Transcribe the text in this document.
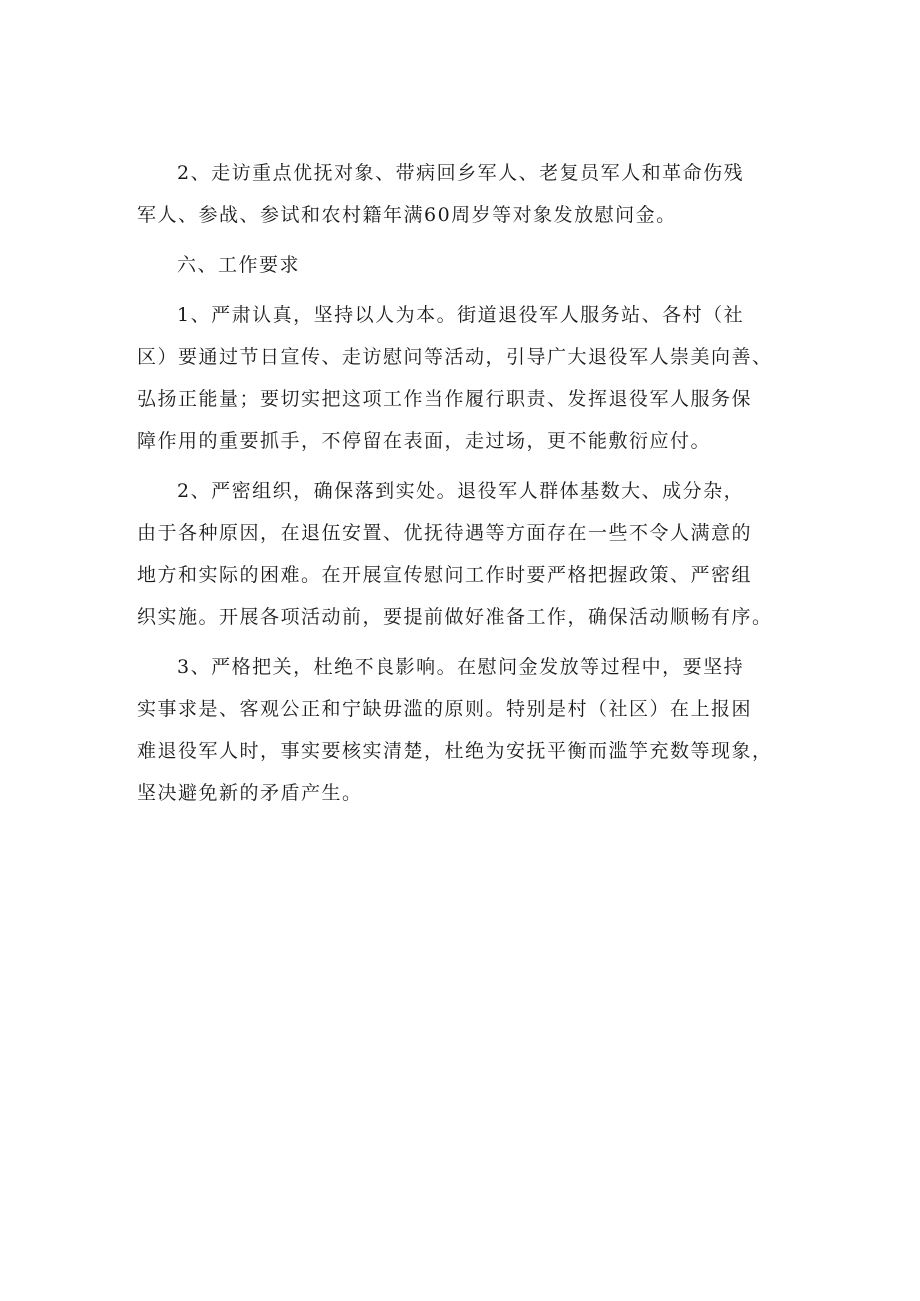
2、走访重点优抚对象、带病回乡军人、老复员军人和革命伤残
军人、参战、参试和农村籍年满60周岁等对象发放慰问金。
六、工作要求
1、严肃认真，坚持以人为本。街道退役军人服务站、各村（社
区）要通过节日宣传、走访慰问等活动，引导广大退役军人崇美向善、
弘扬正能量；要切实把这项工作当作履行职责、发挥退役军人服务保
障作用的重要抓手，不停留在表面，走过场，更不能敷衍应付。
2、严密组织，确保落到实处。退役军人群体基数大、成分杂，
由于各种原因，在退伍安置、优抚待遇等方面存在一些不令人满意的
地方和实际的困难。在开展宣传慰问工作时要严格把握政策、严密组
织实施。开展各项活动前，要提前做好准备工作，确保活动顺畅有序。
3、严格把关，杜绝不良影响。在慰问金发放等过程中，要坚持
实事求是、客观公正和宁缺毋滥的原则。特别是村（社区）在上报困
难退役军人时，事实要核实清楚，杜绝为安抚平衡而滥竽充数等现象，
坚决避免新的矛盾产生。
